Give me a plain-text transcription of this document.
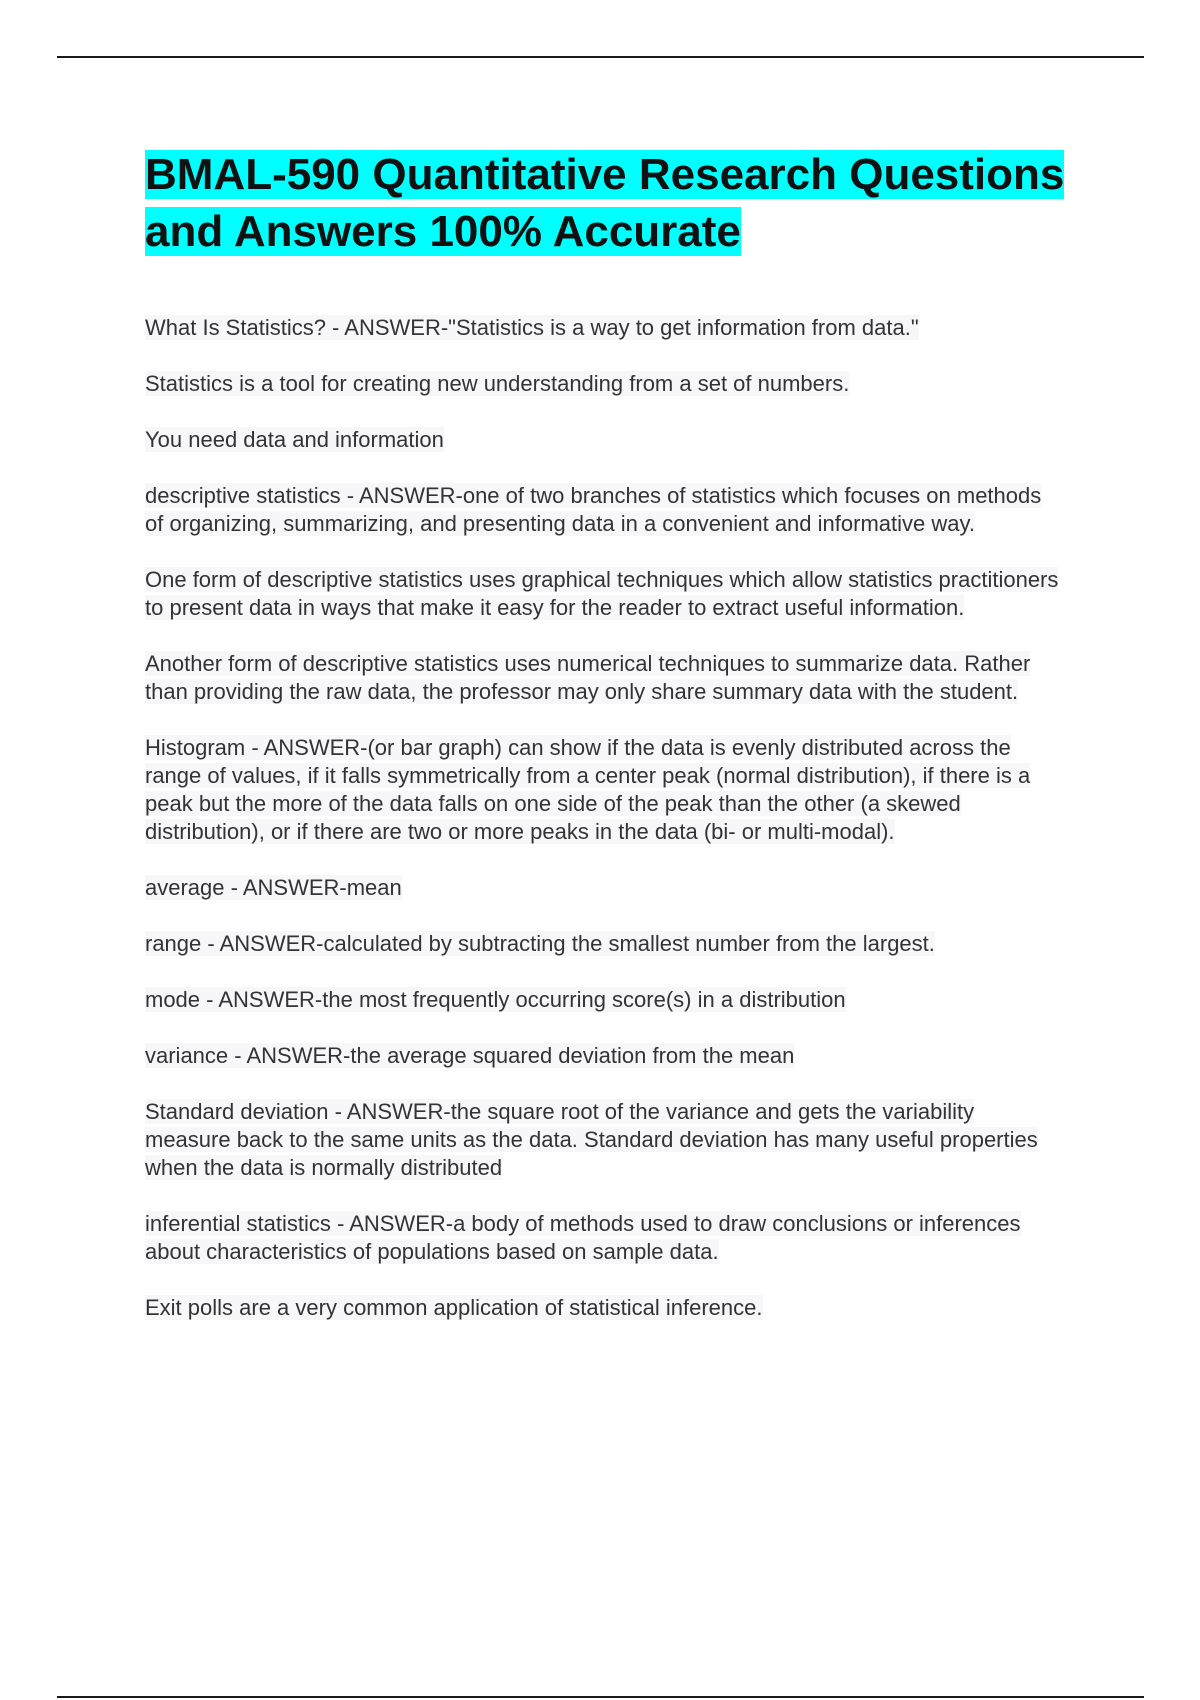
BMAL-590 Quantitative Research Questions and Answers 100% Accurate

What Is Statistics? - ANSWER-"Statistics is a way to get information from data."

Statistics is a tool for creating new understanding from a set of numbers.

You need data and information

descriptive statistics - ANSWER-one of two branches of statistics which focuses on methods of organizing, summarizing, and presenting data in a convenient and informative way.

One form of descriptive statistics uses graphical techniques which allow statistics practitioners to present data in ways that make it easy for the reader to extract useful information.

Another form of descriptive statistics uses numerical techniques to summarize data. Rather than providing the raw data, the professor may only share summary data with the student.

Histogram - ANSWER-(or bar graph) can show if the data is evenly distributed across the range of values, if it falls symmetrically from a center peak (normal distribution), if there is a peak but the more of the data falls on one side of the peak than the other (a skewed distribution), or if there are two or more peaks in the data (bi- or multi-modal).

average - ANSWER-mean

range - ANSWER-calculated by subtracting the smallest number from the largest.

mode - ANSWER-the most frequently occurring score(s) in a distribution

variance - ANSWER-the average squared deviation from the mean

Standard deviation - ANSWER-the square root of the variance and gets the variability measure back to the same units as the data. Standard deviation has many useful properties when the data is normally distributed

inferential statistics - ANSWER-a body of methods used to draw conclusions or inferences about characteristics of populations based on sample data.

Exit polls are a very common application of statistical inference.
